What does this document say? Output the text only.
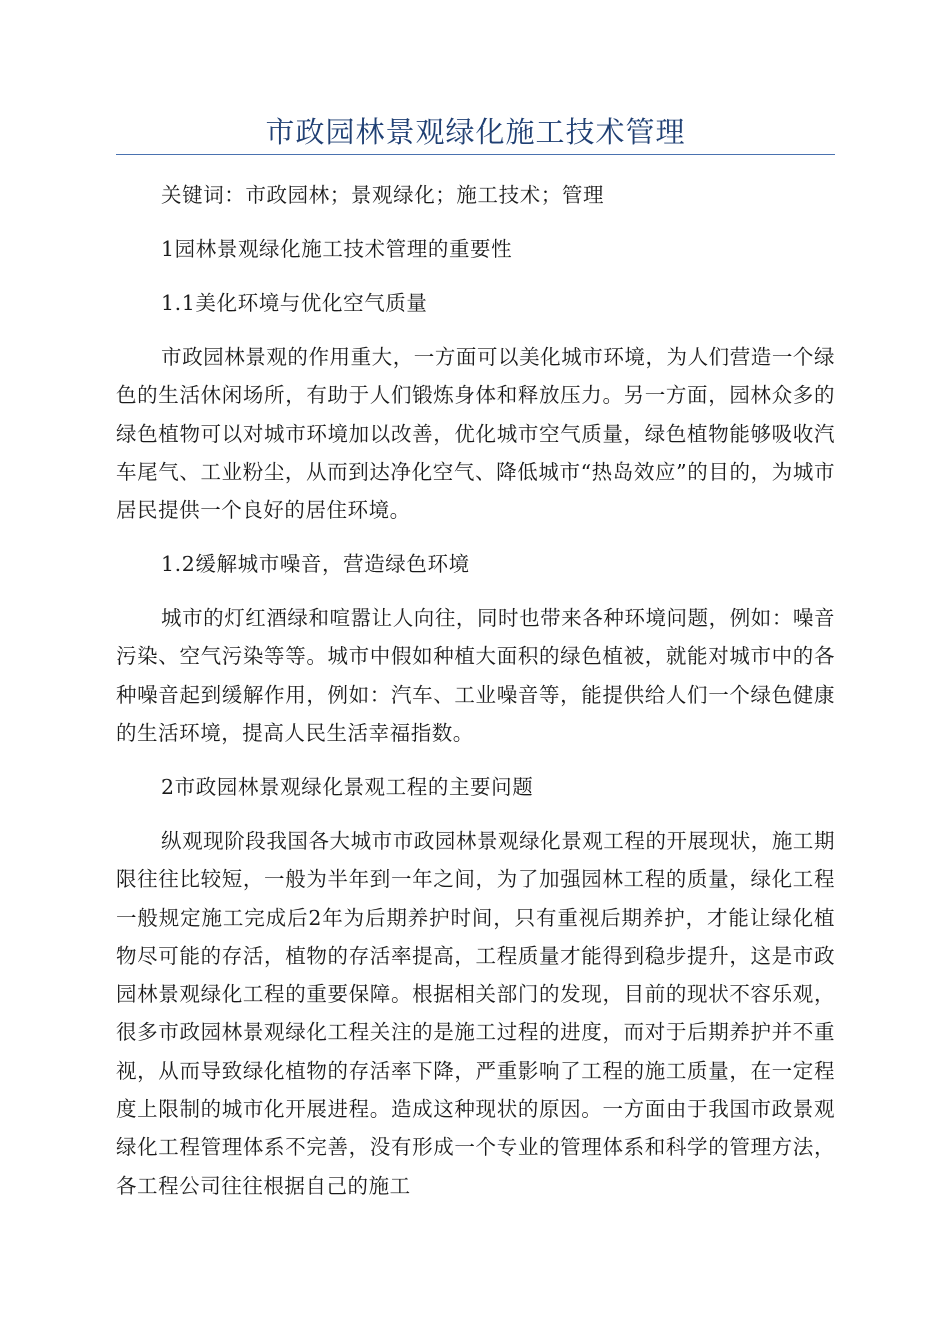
市政园林景观绿化施工技术管理

关键词：市政园林；景观绿化；施工技术；管理

1园林景观绿化施工技术管理的重要性

1.1美化环境与优化空气质量

市政园林景观的作用重大，一方面可以美化城市环境，为人们营造一个绿色的生活休闲场所，有助于人们锻炼身体和释放压力。另一方面，园林众多的绿色植物可以对城市环境加以改善，优化城市空气质量，绿色植物能够吸收汽车尾气、工业粉尘，从而到达净化空气、降低城市“热岛效应”的目的，为城市居民提供一个良好的居住环境。

1.2缓解城市噪音，营造绿色环境

城市的灯红酒绿和喧嚣让人向往，同时也带来各种环境问题，例如：噪音污染、空气污染等等。城市中假如种植大面积的绿色植被，就能对城市中的各种噪音起到缓解作用，例如：汽车、工业噪音等，能提供给人们一个绿色健康的生活环境，提高人民生活幸福指数。

2市政园林景观绿化景观工程的主要问题

纵观现阶段我国各大城市市政园林景观绿化景观工程的开展现状，施工期限往往比较短，一般为半年到一年之间，为了加强园林工程的质量，绿化工程一般规定施工完成后2年为后期养护时间，只有重视后期养护，才能让绿化植物尽可能的存活，植物的存活率提高，工程质量才能得到稳步提升，这是市政园林景观绿化工程的重要保障。根据相关部门的发现，目前的现状不容乐观，很多市政园林景观绿化工程关注的是施工过程的进度，而对于后期养护并不重视，从而导致绿化植物的存活率下降，严重影响了工程的施工质量，在一定程度上限制的城市化开展进程。造成这种现状的原因。一方面由于我国市政景观绿化工程管理体系不完善，没有形成一个专业的管理体系和科学的管理方法，各工程公司往往根据自己的施工
